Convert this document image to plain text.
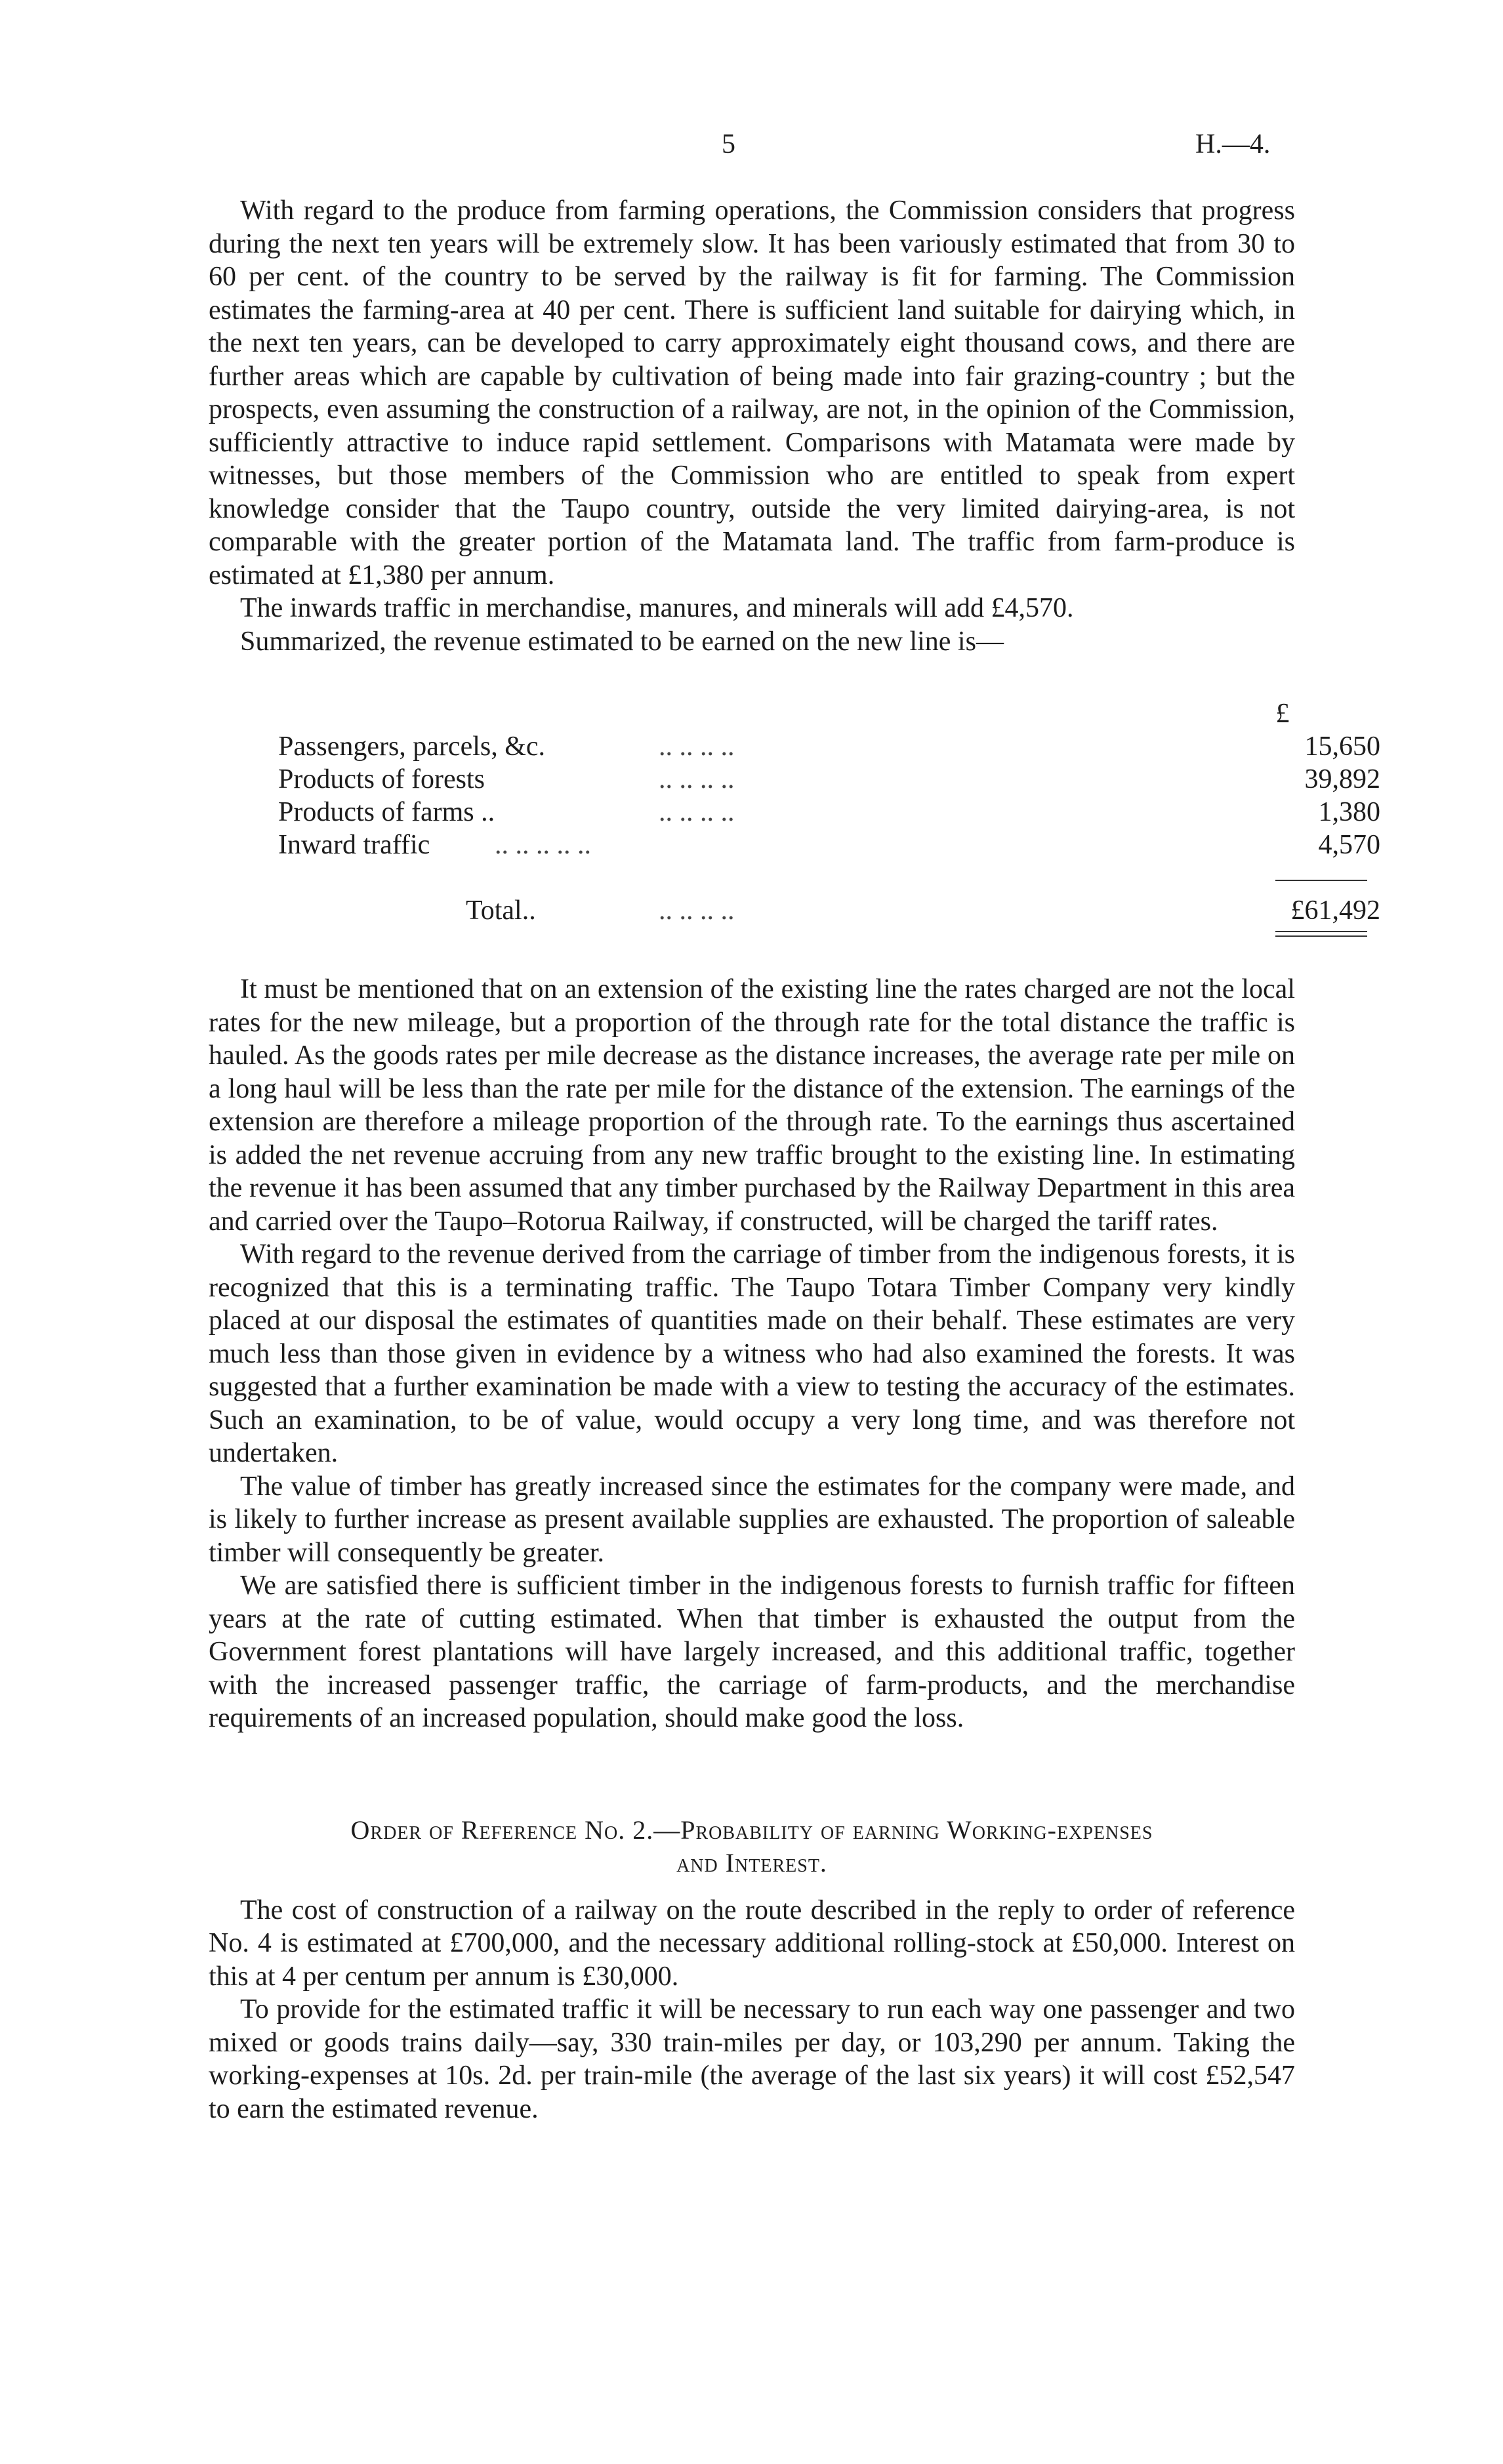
5	H.—4.

With regard to the produce from farming operations, the Commission considers that progress during the next ten years will be extremely slow. It has been variously estimated that from 30 to 60 per cent. of the country to be served by the railway is fit for farming. The Commission estimates the farming-area at 40 per cent. There is sufficient land suitable for dairying which, in the next ten years, can be developed to carry approximately eight thousand cows, and there are further areas which are capable by cultivation of being made into fair grazing-country ; but the prospects, even assuming the construction of a railway, are not, in the opinion of the Commission, sufficiently attractive to induce rapid settlement. Comparisons with Matamata were made by witnesses, but those members of the Commission who are entitled to speak from expert knowledge consider that the Taupo country, outside the very limited dairying-area, is not comparable with the greater portion of the Matamata land. The traffic from farm-produce is estimated at £1,380 per annum.

The inwards traffic in merchandise, manures, and minerals will add £4,570.

Summarized, the revenue estimated to be earned on the new line is—

£
Passengers, parcels, &c.	.. .. .. ..	15,650
Products of forests	.. .. .. ..	39,892
Products of farms ..	.. .. .. ..	1,380
Inward traffic .. .. .. .. ..	4,570
Total..	.. .. .. ..	£61,492

It must be mentioned that on an extension of the existing line the rates charged are not the local rates for the new mileage, but a proportion of the through rate for the total distance the traffic is hauled. As the goods rates per mile decrease as the distance increases, the average rate per mile on a long haul will be less than the rate per mile for the distance of the extension. The earnings of the extension are therefore a mileage proportion of the through rate. To the earnings thus ascertained is added the net revenue accruing from any new traffic brought to the existing line. In estimating the revenue it has been assumed that any timber purchased by the Railway Department in this area and carried over the Taupo–Rotorua Railway, if constructed, will be charged the tariff rates.

With regard to the revenue derived from the carriage of timber from the indigenous forests, it is recognized that this is a terminating traffic. The Taupo Totara Timber Company very kindly placed at our disposal the estimates of quantities made on their behalf. These estimates are very much less than those given in evidence by a witness who had also examined the forests. It was suggested that a further examination be made with a view to testing the accuracy of the estimates. Such an examination, to be of value, would occupy a very long time, and was therefore not undertaken.

The value of timber has greatly increased since the estimates for the company were made, and is likely to further increase as present available supplies are exhausted. The proportion of saleable timber will consequently be greater.

We are satisfied there is sufficient timber in the indigenous forests to furnish traffic for fifteen years at the rate of cutting estimated. When that timber is exhausted the output from the Government forest plantations will have largely increased, and this additional traffic, together with the increased passenger traffic, the carriage of farm-products, and the merchandise requirements of an increased population, should make good the loss.

Order of Reference No. 2.—Probability of earning Working-expenses
and Interest.

The cost of construction of a railway on the route described in the reply to order of reference No. 4 is estimated at £700,000, and the necessary additional rolling-stock at £50,000. Interest on this at 4 per centum per annum is £30,000.

To provide for the estimated traffic it will be necessary to run each way one passenger and two mixed or goods trains daily—say, 330 train-miles per day, or 103,290 per annum. Taking the working-expenses at 10s. 2d. per train-mile (the average of the last six years) it will cost £52,547 to earn the estimated revenue.
